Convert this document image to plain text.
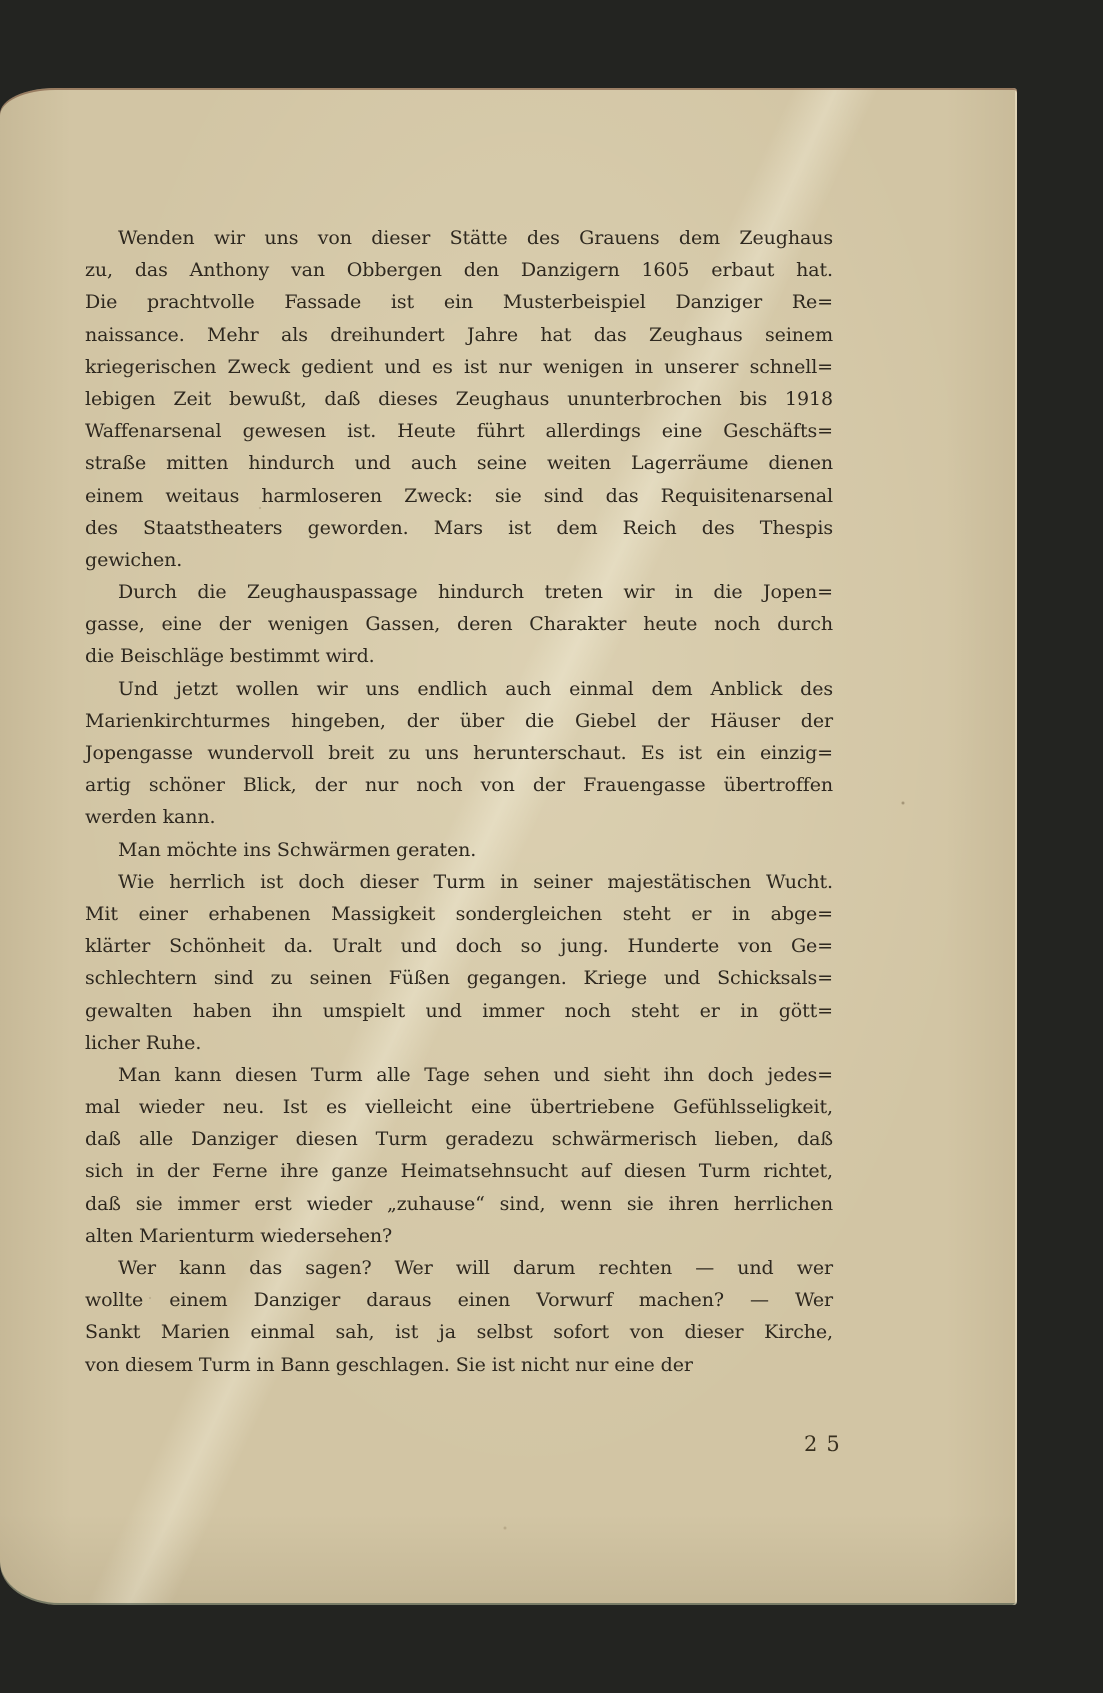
Wenden wir uns von dieser Stätte des Grauens dem Zeughaus
zu, das Anthony van Obbergen den Danzigern 1605 erbaut hat.
Die prachtvolle Fassade ist ein Musterbeispiel Danziger Re=
naissance. Mehr als dreihundert Jahre hat das Zeughaus seinem
kriegerischen Zweck gedient und es ist nur wenigen in unserer schnell=
lebigen Zeit bewußt, daß dieses Zeughaus ununterbrochen bis 1918
Waffenarsenal gewesen ist. Heute führt allerdings eine Geschäfts=
straße mitten hindurch und auch seine weiten Lagerräume dienen
einem weitaus harmloseren Zweck: sie sind das Requisitenarsenal
des Staatstheaters geworden. Mars ist dem Reich des Thespis
gewichen.
Durch die Zeughauspassage hindurch treten wir in die Jopen=
gasse, eine der wenigen Gassen, deren Charakter heute noch durch
die Beischläge bestimmt wird.
Und jetzt wollen wir uns endlich auch einmal dem Anblick des
Marienkirchturmes hingeben, der über die Giebel der Häuser der
Jopengasse wundervoll breit zu uns herunterschaut. Es ist ein einzig=
artig schöner Blick, der nur noch von der Frauengasse übertroffen
werden kann.
Man möchte ins Schwärmen geraten.
Wie herrlich ist doch dieser Turm in seiner majestätischen Wucht.
Mit einer erhabenen Massigkeit sondergleichen steht er in abge=
klärter Schönheit da. Uralt und doch so jung. Hunderte von Ge=
schlechtern sind zu seinen Füßen gegangen. Kriege und Schicksals=
gewalten haben ihn umspielt und immer noch steht er in gött=
licher Ruhe.
Man kann diesen Turm alle Tage sehen und sieht ihn doch jedes=
mal wieder neu. Ist es vielleicht eine übertriebene Gefühlsseligkeit,
daß alle Danziger diesen Turm geradezu schwärmerisch lieben, daß
sich in der Ferne ihre ganze Heimatsehnsucht auf diesen Turm richtet,
daß sie immer erst wieder „zuhause“ sind, wenn sie ihren herrlichen
alten Marienturm wiedersehen?
Wer kann das sagen? Wer will darum rechten — und wer
wollte einem Danziger daraus einen Vorwurf machen? — Wer
Sankt Marien einmal sah, ist ja selbst sofort von dieser Kirche,
von diesem Turm in Bann geschlagen. Sie ist nicht nur eine der
25
